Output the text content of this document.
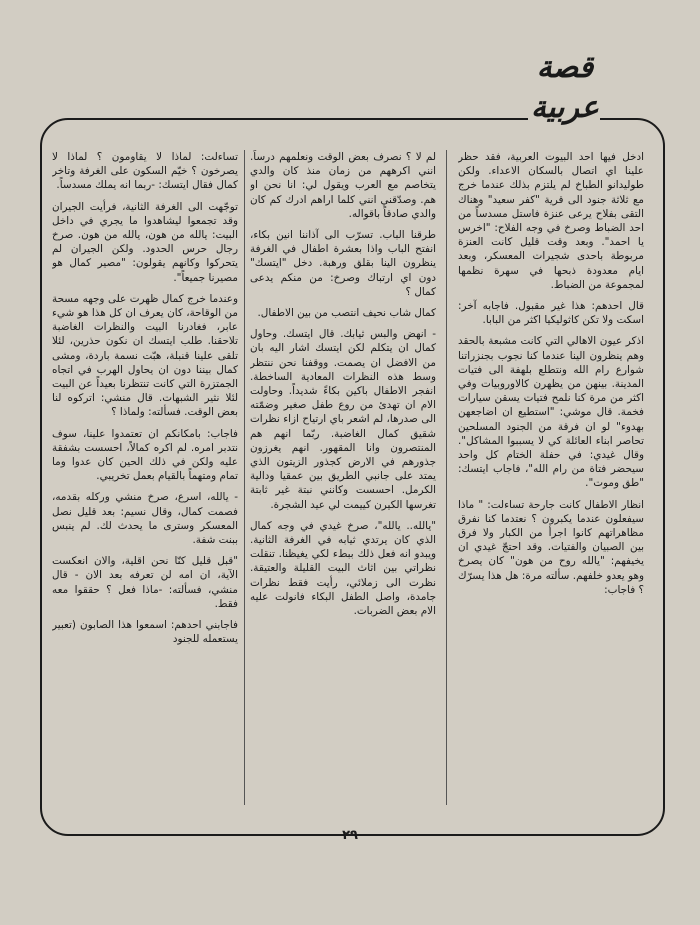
قصة
عربية

ادخل فيها احد البيوت العربية، فقد حظر علينا اي اتصال بالسكان الاعداء. ولكن طوليدانو الطباخ لم يلتزم بذلك عندما خرج مع ثلاثة جنود الى قرية "كفر سعيد" وهناك التقى بفلاح يرعى عنزة فاستل مسدساً من احد الضباط وصرخ في وجه الفلاح: "اخرس يا احمد". وبعد وقت قليل كانت العنزة مربوطة باحدى شجيرات المعسكر، وبعد ايام معدودة ذبحها في سهرة نظمها لمجموعة من الضباط.

قال احدهم: هذا غير مقبول. فاجابه آخر: اسكت ولا تكن كاثوليكيا اكثر من البابا.

اذكر عيون الاهالي التي كانت مشبعة بالحقد وهم ينظرون الينا عندما كنا نجوب بجنزراتنا شوارع رام الله ونتطلع بلهفة الى فتيات المدينة. بينهن من يظهرن كالاوروبيات وفي اكثر من مرة كنا نلمح فتيات يسقن سيارات فخمة. قال موشي: "استطيع ان اضاجعهن بهدوء" لو ان فرقة من الجنود المسلحين تحاصر ابناء العائلة كي لا يسببوا المشاكل". وقال غيدي: في حفلة الختام كل واحد سيحضر فتاة من رام الله"، فاجاب ايتسك: "طق وموت".

انظار الاطفال كانت جارحة تساءلت: " ماذا سيفعلون عندما يكبرون ؟ نعتدما كنا نفرق مظاهراتهم كانوا اجرأ من الكبار ولا فرق بين الصبيان والفتيات. وقد احتجّ غيدي ان يخيفهم: "يالله روح من هون" كان يصرخ وهو يعدو خلفهم. سألته مرة: هل هذا يسرّك ؟ فاجاب:

لم لا ؟ نصرف بعض الوقت ونعلمهم درساً. انني اكرههم من زمان منذ كان والدي يتخاصم مع العرب ويقول لي: انا نحن او هم. وصدّقني انني كلما اراهم ادرك كم كان والدي صادقاً باقواله.

طرقنا الباب. تسرّب الى آذاننا انين بكاء، انفتح الباب واذا بعشرة اطفال في الغرفة ينظرون الينا بقلق ورهبة. دخل "ايتسك" دون اي ارتباك وصرخ: من منكم يدعى كمال ؟

كمال شاب نحيف انتصب من بين الاطفال.

- انهض والبس ثيابك. قال ايتسك. وحاول كمال ان يتكلم لكن ايتسك اشار اليه بان من الافضل ان يصمت. ووقفنا نحن ننتظر وسط هذه النظرات المعادية الساخطة. انفجر الاطفال باكين بكاءً شديداً. وحاولت الام ان تهدئ من روع طفل صغير وضمّته الى صدرها، لم اشعر باي ارتياح ازاء نظرات شقيق كمال الغاضبة. ربّما انهم هم المنتصرون وانا المقهور. انهم يغرزون جذورهم في الارض كجذور الزيتون الذي يمتد على جانبي الطريق بين عمقيا ودالية الكرمل. احسست وكانني نبتة غير ثابتة تغرسها الكيرن كييمت لي عيد الشجرة.

"يالله.. يالله"، صرخ غيدي في وجه كمال الذي كان يرتدي ثيابه في الغرفة الثانية. ويبدو انه فعل ذلك ببطء لكي يغيظنا. تنقلت نظراتي بين اثاث البيت القليلة والعتيقة. نظرت الى زملائي، رأيت فقط نظرات جامدة، واصل الطفل البكاء فانولت عليه الام بعض الضربات.

تساءلت: لماذا لا يقاومون ؟ لماذا لا يصرخون ؟ خيّم السكون على الغرفة وتاخر كمال فقال ايتسك: -ربما انه يملك مسدساً.

توجّهت الى الغرفة الثانية، فرأيت الجيران وقد تجمعوا ليشاهدوا ما يجري في داخل البيت: يالله من هون، يالله من هون. صرخ رجال حرس الحدود. ولكن الجيران لم يتحركوا وكانهم يقولون: "مصير كمال هو مصيرنا جميعاً".

وعندما خرج كمال ظهرت على وجهه مسحة من الوقاحة، كان يعرف ان كل هذا هو شيء عابر، فغادرنا البيت والنظرات الغاضبة تلاحقنا. طلب ايتسك ان نكون حذرين، لئلا تلقى علينا قنبلة، هبّت نسمة باردة، ومشى كمال بيننا دون ان يحاول الهرب في اتجاه الجمتزرة التي كانت تنتظرنا بعيداً عن البيت لئلا نثير الشبهات. قال منشي: اتركوه لنا بعض الوقت. فسألته: ولماذا ؟

فاجاب: بامكانكم ان تعتمدوا علينا، سوف نتدبر امره. لم اكره كمالاً، احسست بشفقة عليه ولكن في ذلك الحين كان عدوا وما تمام ومتهماً بالقيام بعمل تخريبي.

- يالله، اسرع، صرخ منشي وركله بقدمه، فصمت كمال، وقال نسيم: بعد قليل نصل المعسكر وسترى ما يحدث لك. لم ينبس ببنت شفة.

"قبل قليل كنّا نحن اقلية، والان انعكست الآية، ان امه لن تعرفه بعد الان - قال منشي، فسألته: -ماذا فعل ؟ حققوا معه فقط.

فاجابني احدهم: اسمعوا هذا الصابون (تعبير يستعمله للجنود

٢٩
